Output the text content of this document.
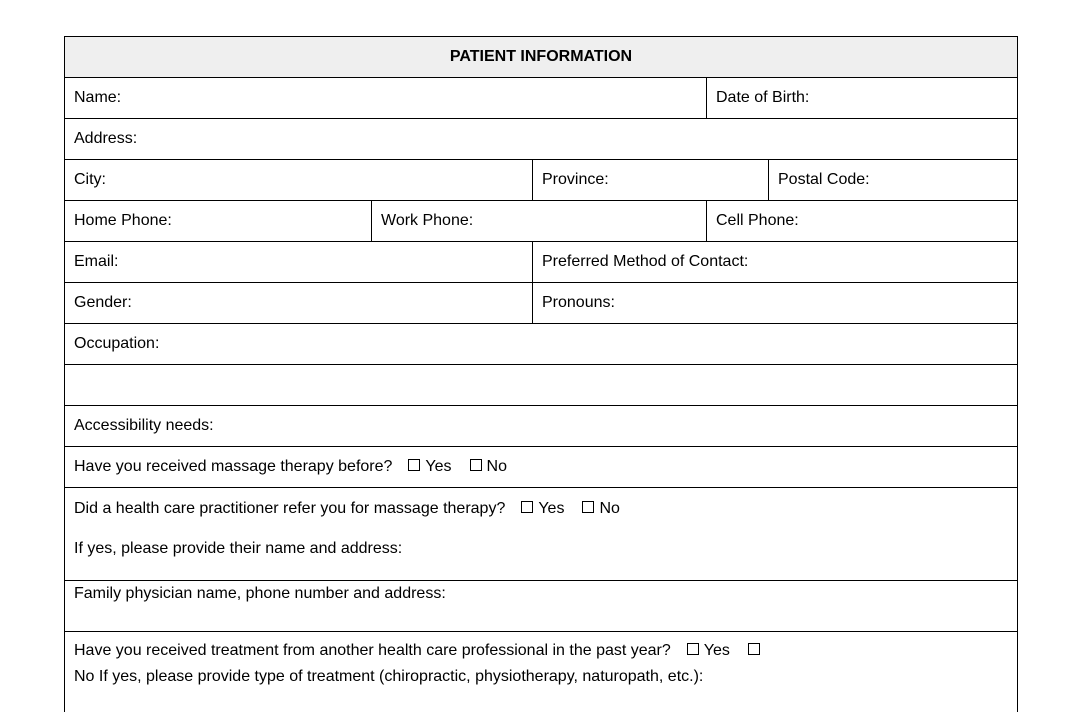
PATIENT INFORMATION				
Name:			Date of Birth:	
Address:				
City:		Province:		Postal Code:
Home Phone:	Work Phone:		Cell Phone:	
Email:		Preferred Method of Contact:		
Gender:		Pronouns:		
Occupation:				

Accessibility needs:				
Have you received massage therapy before? Yes No				

Did a health care practitioner refer you for massage therapy? Yes No
If yes, please provide their name and address:				

Family physician name, phone number and address:				

Have you received treatment from another health care professional in the past year? Yes
No If yes, please provide type of treatment (chiropractic, physiotherapy, naturopath, etc.):				
